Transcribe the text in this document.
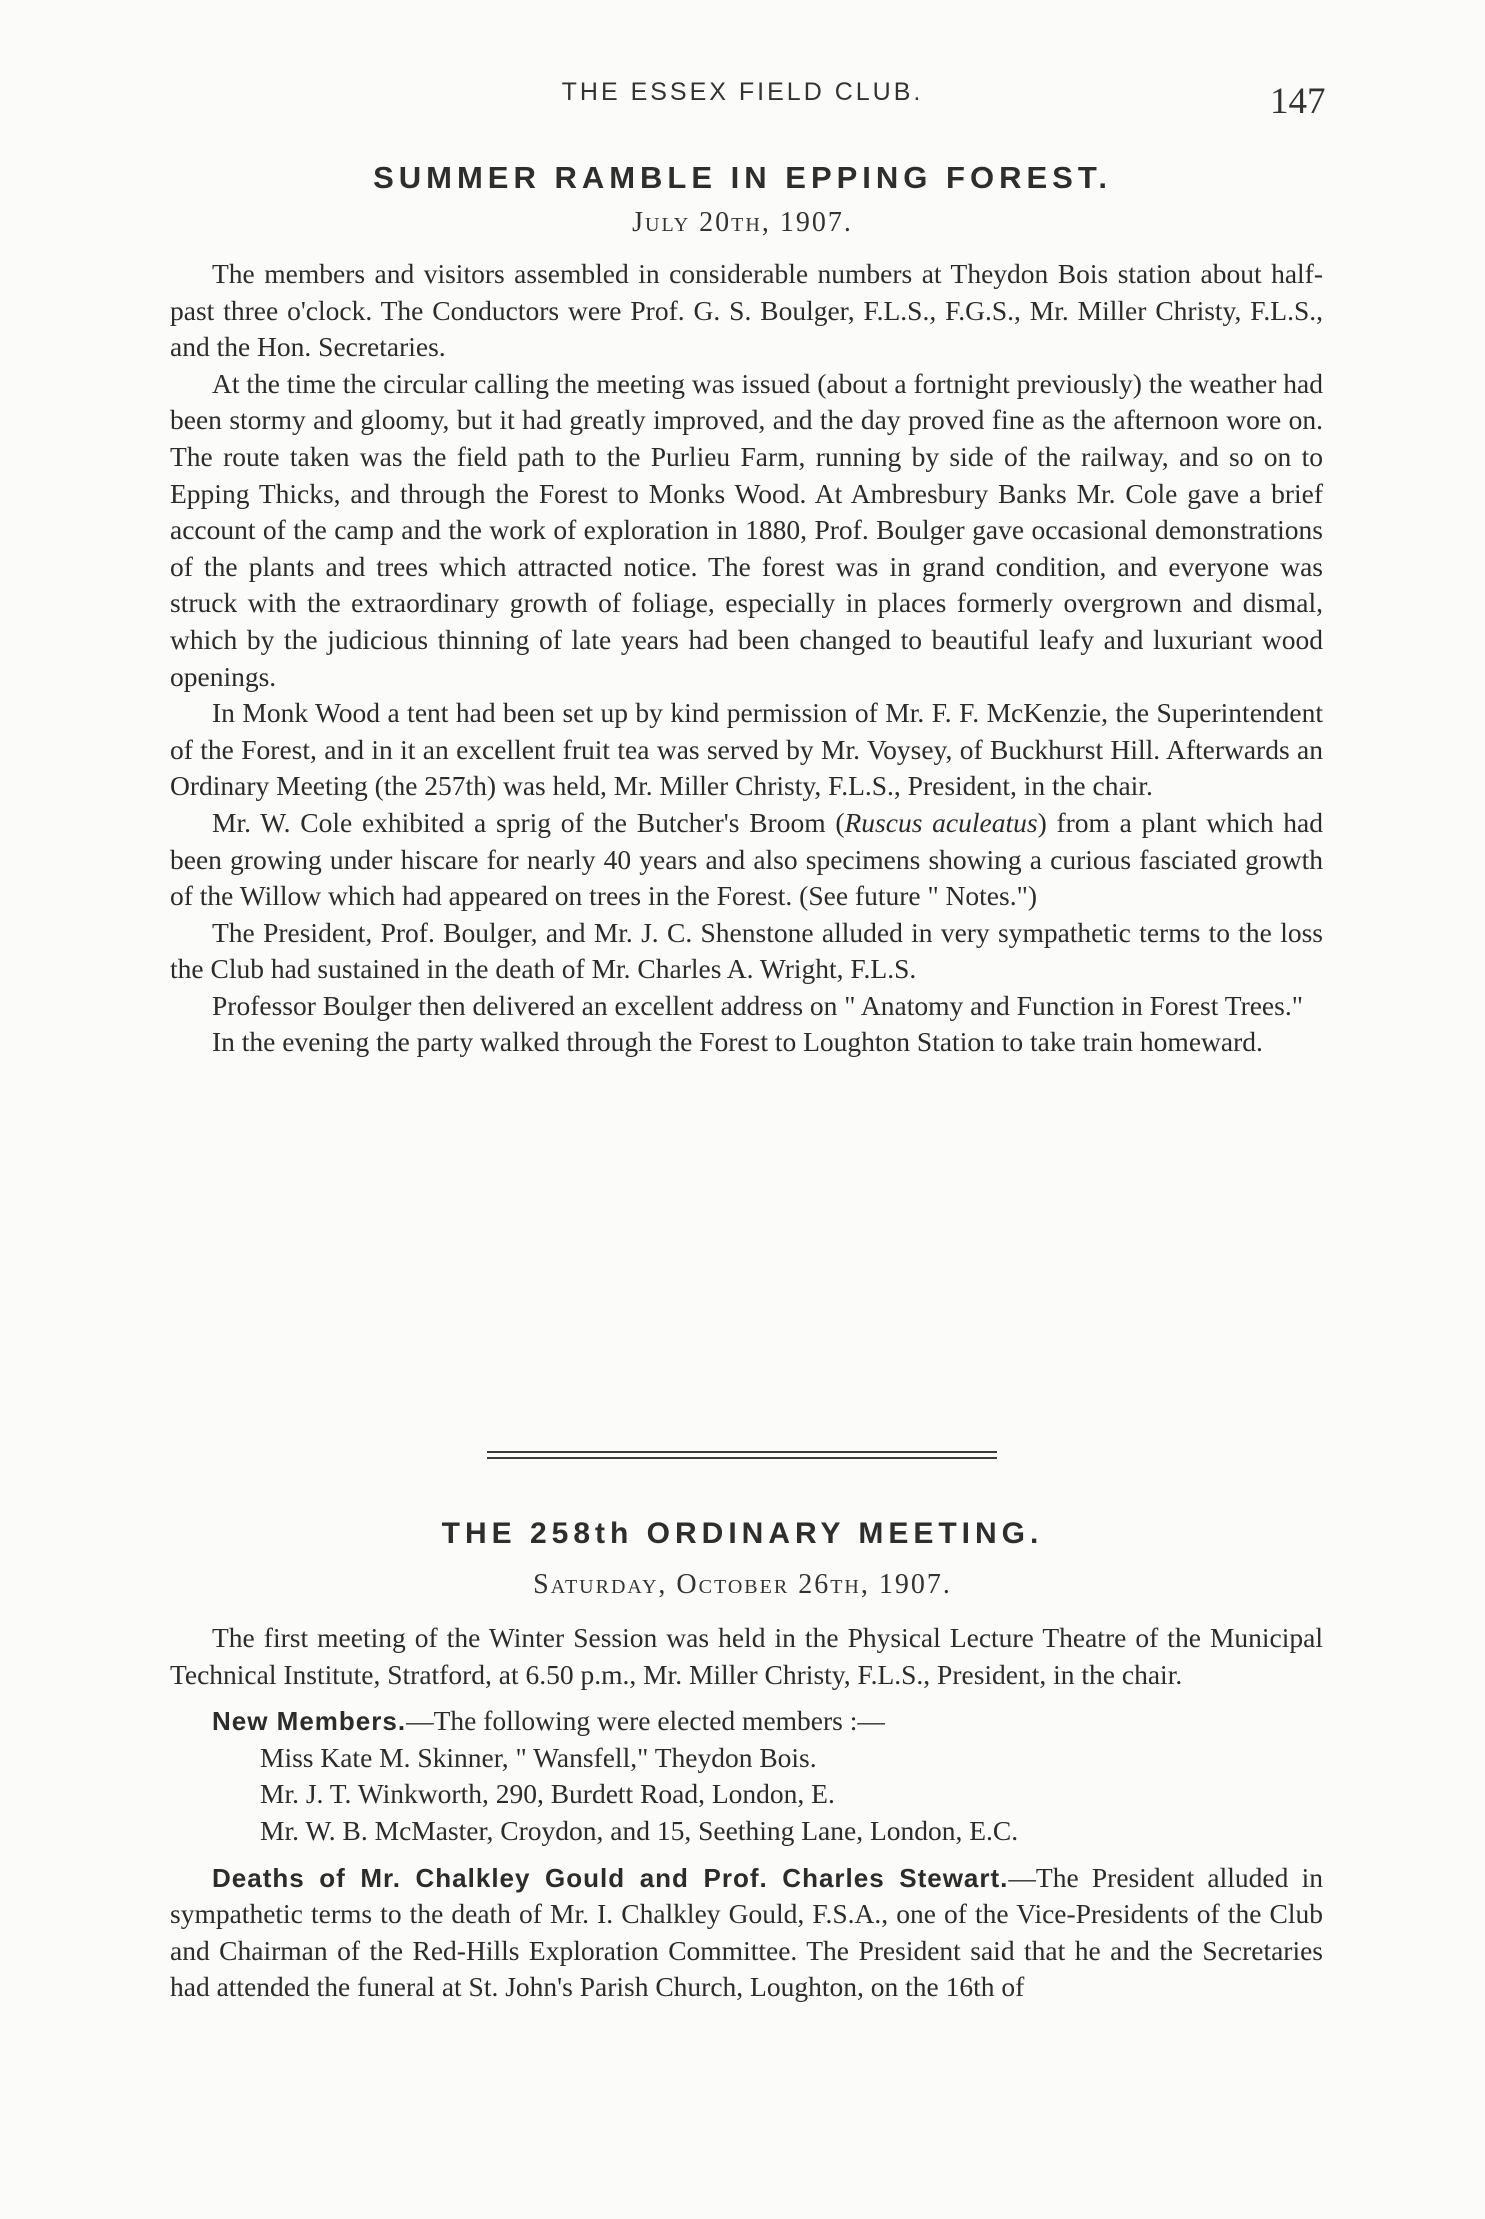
THE ESSEX FIELD CLUB.	147
SUMMER RAMBLE IN EPPING FOREST.
July 20th, 1907.

The members and visitors assembled in considerable numbers at Theydon Bois station about half-past three o'clock. The Conductors were Prof. G. S. Boulger, F.L.S., F.G.S., Mr. Miller Christy, F.L.S., and the Hon. Secretaries.

At the time the circular calling the meeting was issued (about a fortnight previously) the weather had been stormy and gloomy, but it had greatly improved, and the day proved fine as the afternoon wore on. The route taken was the field path to the Purlieu Farm, running by side of the railway, and so on to Epping Thicks, and through the Forest to Monks Wood. At Ambresbury Banks Mr. Cole gave a brief account of the camp and the work of exploration in 1880, Prof. Boulger gave occasional demonstrations of the plants and trees which attracted notice. The forest was in grand condition, and everyone was struck with the extraordinary growth of foliage, especially in places formerly overgrown and dismal, which by the judicious thinning of late years had been changed to beautiful leafy and luxuriant wood openings.

In Monk Wood a tent had been set up by kind permission of Mr. F. F. McKenzie, the Superintendent of the Forest, and in it an excellent fruit tea was served by Mr. Voysey, of Buckhurst Hill. Afterwards an Ordinary Meeting (the 257th) was held, Mr. Miller Christy, F.L.S., President, in the chair.

Mr. W. Cole exhibited a sprig of the Butcher's Broom (Ruscus aculeatus) from a plant which had been growing under hiscare for nearly 40 years and also specimens showing a curious fasciated growth of the Willow which had appeared on trees in the Forest. (See future " Notes.")

The President, Prof. Boulger, and Mr. J. C. Shenstone alluded in very sympathetic terms to the loss the Club had sustained in the death of Mr. Charles A. Wright, F.L.S.

Professor Boulger then delivered an excellent address on " Anatomy and Function in Forest Trees."

In the evening the party walked through the Forest to Loughton Station to take train homeward.

THE 258th ORDINARY MEETING.
Saturday, October 26th, 1907.

The first meeting of the Winter Session was held in the Physical Lecture Theatre of the Municipal Technical Institute, Stratford, at 6.50 p.m., Mr. Miller Christy, F.L.S., President, in the chair.

New Members.—The following were elected members :—

Miss Kate M. Skinner, " Wansfell," Theydon Bois.
Mr. J. T. Winkworth, 290, Burdett Road, London, E.
Mr. W. B. McMaster, Croydon, and 15, Seething Lane, London, E.C.

Deaths of Mr. Chalkley Gould and Prof. Charles Stewart.—The President alluded in sympathetic terms to the death of Mr. I. Chalkley Gould, F.S.A., one of the Vice-Presidents of the Club and Chairman of the Red-Hills Exploration Committee. The President said that he and the Secretaries had attended the funeral at St. John's Parish Church, Loughton, on the 16th of
